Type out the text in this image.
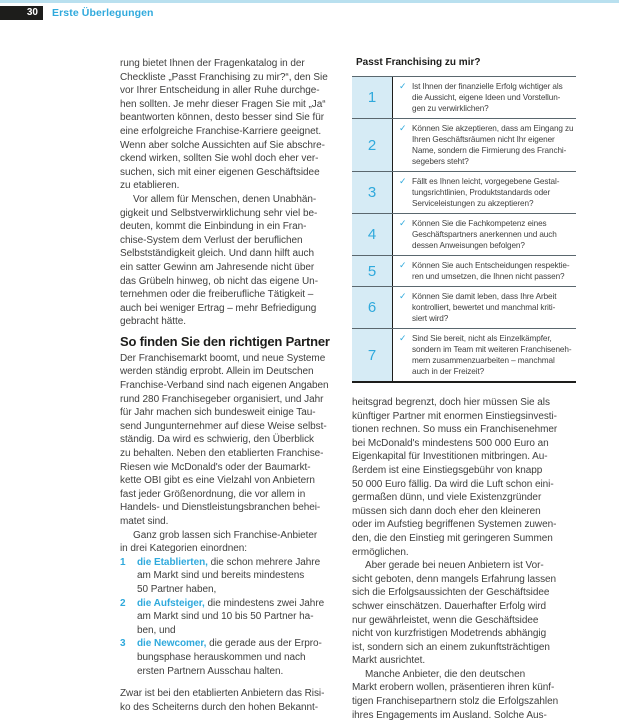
30	Erste Überlegungen
rung bietet Ihnen der Fragenkatalog in der
Checkliste „Passt Franchising zu mir?“, den Sie
vor Ihrer Entscheidung in aller Ruhe durchge-
hen sollten. Je mehr dieser Fragen Sie mit „Ja“
beantworten können, desto besser sind Sie für
eine erfolgreiche Franchise-Karriere geeignet.
Wenn aber solche Aussichten auf Sie abschre-
ckend wirken, sollten Sie wohl doch eher ver-
suchen, sich mit einer eigenen Geschäftsidee
zu etablieren.
Vor allem für Menschen, denen Unabhän-
gigkeit und Selbstverwirklichung sehr viel be-
deuten, kommt die Einbindung in ein Fran-
chise-System dem Verlust der beruflichen
Selbstständigkeit gleich. Und dann hilft auch
ein satter Gewinn am Jahresende nicht über
das Grübeln hinweg, ob nicht das eigene Un-
ternehmen oder die freiberufliche Tätigkeit –
auch bei weniger Ertrag – mehr Befriedigung
gebracht hätte.
So finden Sie den richtigen Partner
Der Franchisemarkt boomt, und neue Systeme
werden ständig erprobt. Allein im Deutschen
Franchise-Verband sind nach eigenen Angaben
rund 280 Franchisegeber organisiert, und Jahr
für Jahr machen sich bundesweit einige Tau-
send Jungunternehmer auf diese Weise selbst-
ständig. Da wird es schwierig, den Überblick
zu behalten. Neben den etablierten Franchise-
Riesen wie McDonald's oder der Baumarkt-
kette OBI gibt es eine Vielzahl von Anbietern
fast jeder Größenordnung, die vor allem in
Handels- und Dienstleistungsbranchen behei-
matet sind.
Ganz grob lassen sich Franchise-Anbieter
in drei Kategorien einordnen:
1	die Etablierten, die schon mehrere Jahre
am Markt sind und bereits mindestens
50 Partner haben,
2	die Aufsteiger, die mindestens zwei Jahre
am Markt sind und 10 bis 50 Partner ha-
ben, und
3	die Newcomer, die gerade aus der Erpro-
bungsphase herauskommen und nach
ersten Partnern Ausschau halten.
Zwar ist bei den etablierten Anbietern das Risi-
ko des Scheiterns durch den hohen Bekannt-
Passt Franchising zu mir?
1
✓ Ist Ihnen der finanzielle Erfolg wichtiger als
die Aussicht, eigene Ideen und Vorstellun-
gen zu verwirklichen?
2
✓ Können Sie akzeptieren, dass am Eingang zu
Ihren Geschäftsräumen nicht Ihr eigener
Name, sondern die Firmierung des Franchi-
segebers steht?
3
✓ Fällt es Ihnen leicht, vorgegebene Gestal-
tungsrichtlinien, Produktstandards oder
Serviceleistungen zu akzeptieren?
4
✓ Können Sie die Fachkompetenz eines
Geschäftspartners anerkennen und auch
dessen Anweisungen befolgen?
5	✓ Können Sie auch Entscheidungen respektie-
ren und umsetzen, die Ihnen nicht passen?
6
✓ Können Sie damit leben, dass Ihre Arbeit
kontrolliert, bewertet und manchmal kriti-
siert wird?
7
✓ Sind Sie bereit, nicht als Einzelkämpfer,
sondern im Team mit weiteren Franchiseneh-
mern zusammenzuarbeiten – manchmal
auch in der Freizeit?
heitsgrad begrenzt, doch hier müssen Sie als
künftiger Partner mit enormen Einstiegsinvesti-
tionen rechnen. So muss ein Franchisenehmer
bei McDonald's mindestens 500 000 Euro an
Eigenkapital für Investitionen mitbringen. Au-
ßerdem ist eine Einstiegsgebühr von knapp
50 000 Euro fällig. Da wird die Luft schon eini-
germaßen dünn, und viele Existenzgründer
müssen sich dann doch eher den kleineren
oder im Aufstieg begriffenen Systemen zuwen-
den, die den Einstieg mit geringeren Summen
ermöglichen.
Aber gerade bei neuen Anbietern ist Vor-
sicht geboten, denn mangels Erfahrung lassen
sich die Erfolgsaussichten der Geschäftsidee
schwer einschätzen. Dauerhafter Erfolg wird
nur gewährleistet, wenn die Geschäftsidee
nicht von kurzfristigen Modetrends abhängig
ist, sondern sich an einem zukunftsträchtigen
Markt ausrichtet.
Manche Anbieter, die den deutschen
Markt erobern wollen, präsentieren ihren künf-
tigen Franchisepartnern stolz die Erfolgszahlen
ihres Engagements im Ausland. Solche Aus-
